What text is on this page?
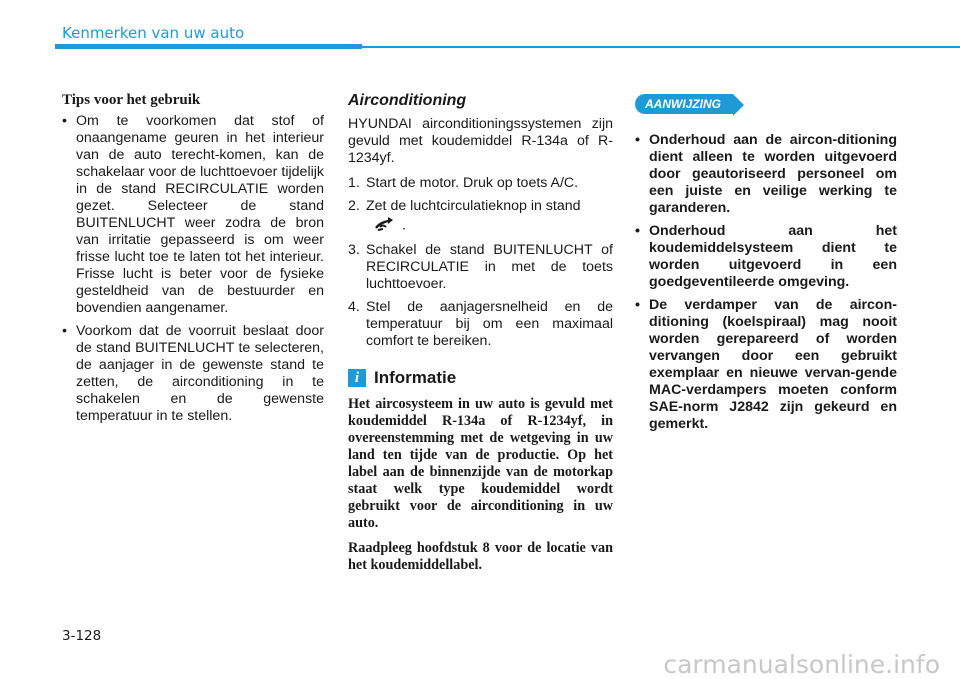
Kenmerken van uw auto
Tips voor het gebruik
• Om te voorkomen dat stof of onaangename geuren in het interieur van de auto terecht-komen, kan de schakelaar voor de luchttoevoer tijdelijk in de stand RECIRCULATIE worden gezet. Selecteer de stand BUITENLUCHT weer zodra de bron van irritatie gepasseerd is om weer frisse lucht toe te laten tot het interieur. Frisse lucht is beter voor de fysieke gesteldheid van de bestuurder en bovendien aangenamer.
• Voorkom dat de voorruit beslaat door de stand BUITENLUCHT te selecteren, de aanjager in de gewenste stand te zetten, de airconditioning in te schakelen en de gewenste temperatuur in te stellen.
Airconditioning

HYUNDAI airconditioningssystemen zijn gevuld met koudemiddel R-134a of R-1234yf.

1. Start de motor. Druk op toets A/C.
2. Zet de luchtcirculatieknop in stand
.
3. Schakel de stand BUITENLUCHT of RECIRCULATIE in met de toets luchttoevoer.
4. Stel de aanjagersnelheid en de temperatuur bij om een maximaal comfort te bereiken.
i Informatie

Het aircosysteem in uw auto is gevuld met koudemiddel R-134a of R-1234yf, in overeenstemming met de wetgeving in uw land ten tijde van de productie. Op het label aan de binnenzijde van de motorkap staat welk type koudemiddel wordt gebruikt voor de airconditioning in uw auto.

Raadpleeg hoofdstuk 8 voor de locatie van het koudemiddellabel.

AANWIJZING
• Onderhoud aan de aircon-ditioning dient alleen te worden uitgevoerd door geautoriseerd personeel om een juiste en veilige werking te garanderen.
• Onderhoud aan het koudemiddelsysteem dient te worden uitgevoerd in een goedgeventileerde omgeving.
• De verdamper van de aircon-ditioning (koelspiraal) mag nooit worden gerepareerd of worden vervangen door een gebruikt exemplaar en nieuwe vervan-gende MAC-verdampers moeten conform SAE-norm J2842 zijn gekeurd en gemerkt.
3-128
carmanualsonline.info
